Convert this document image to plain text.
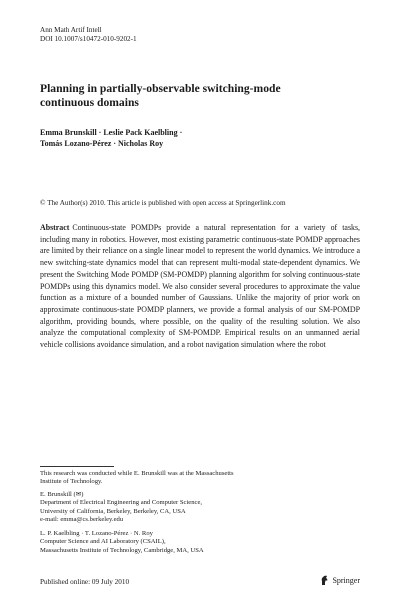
Ann Math Artif Intell
DOI 10.1007/s10472-010-9202-1
Planning in partially-observable switching-mode
continuous domains
Emma Brunskill · Leslie Pack Kaelbling ·
Tomás Lozano-Pérez · Nicholas Roy
© The Author(s) 2010. This article is published with open access at Springerlink.com
Abstract Continuous-state POMDPs provide a natural representation for a variety of tasks, including many in robotics. However, most existing parametric continuous-state POMDP approaches are limited by their reliance on a single linear model to represent the world dynamics. We introduce a new switching-state dynamics model that can represent multi-modal state-dependent dynamics. We present the Switching Mode POMDP (SM-POMDP) planning algorithm for solving continuous-state POMDPs using this dynamics model. We also consider several procedures to approximate the value function as a mixture of a bounded number of Gaussians. Unlike the majority of prior work on approximate continuous-state POMDP planners, we provide a formal analysis of our SM-POMDP algorithm, providing bounds, where possible, on the quality of the resulting solution. We also analyze the computational complexity of SM-POMDP. Empirical results on an unmanned aerial vehicle collisions avoidance simulation, and a robot navigation simulation where the robot
This research was conducted while E. Brunskill was at the Massachusetts
Institute of Technology.
E. Brunskill (✉)
Department of Electrical Engineering and Computer Science,
University of California, Berkeley, Berkeley, CA, USA
e-mail: emma@cs.berkeley.edu
L. P. Kaelbling · T. Lozano-Pérez · N. Roy
Computer Science and AI Laboratory (CSAIL),
Massachusetts Institute of Technology, Cambridge, MA, USA
Published online: 09 July 2010	Springer
